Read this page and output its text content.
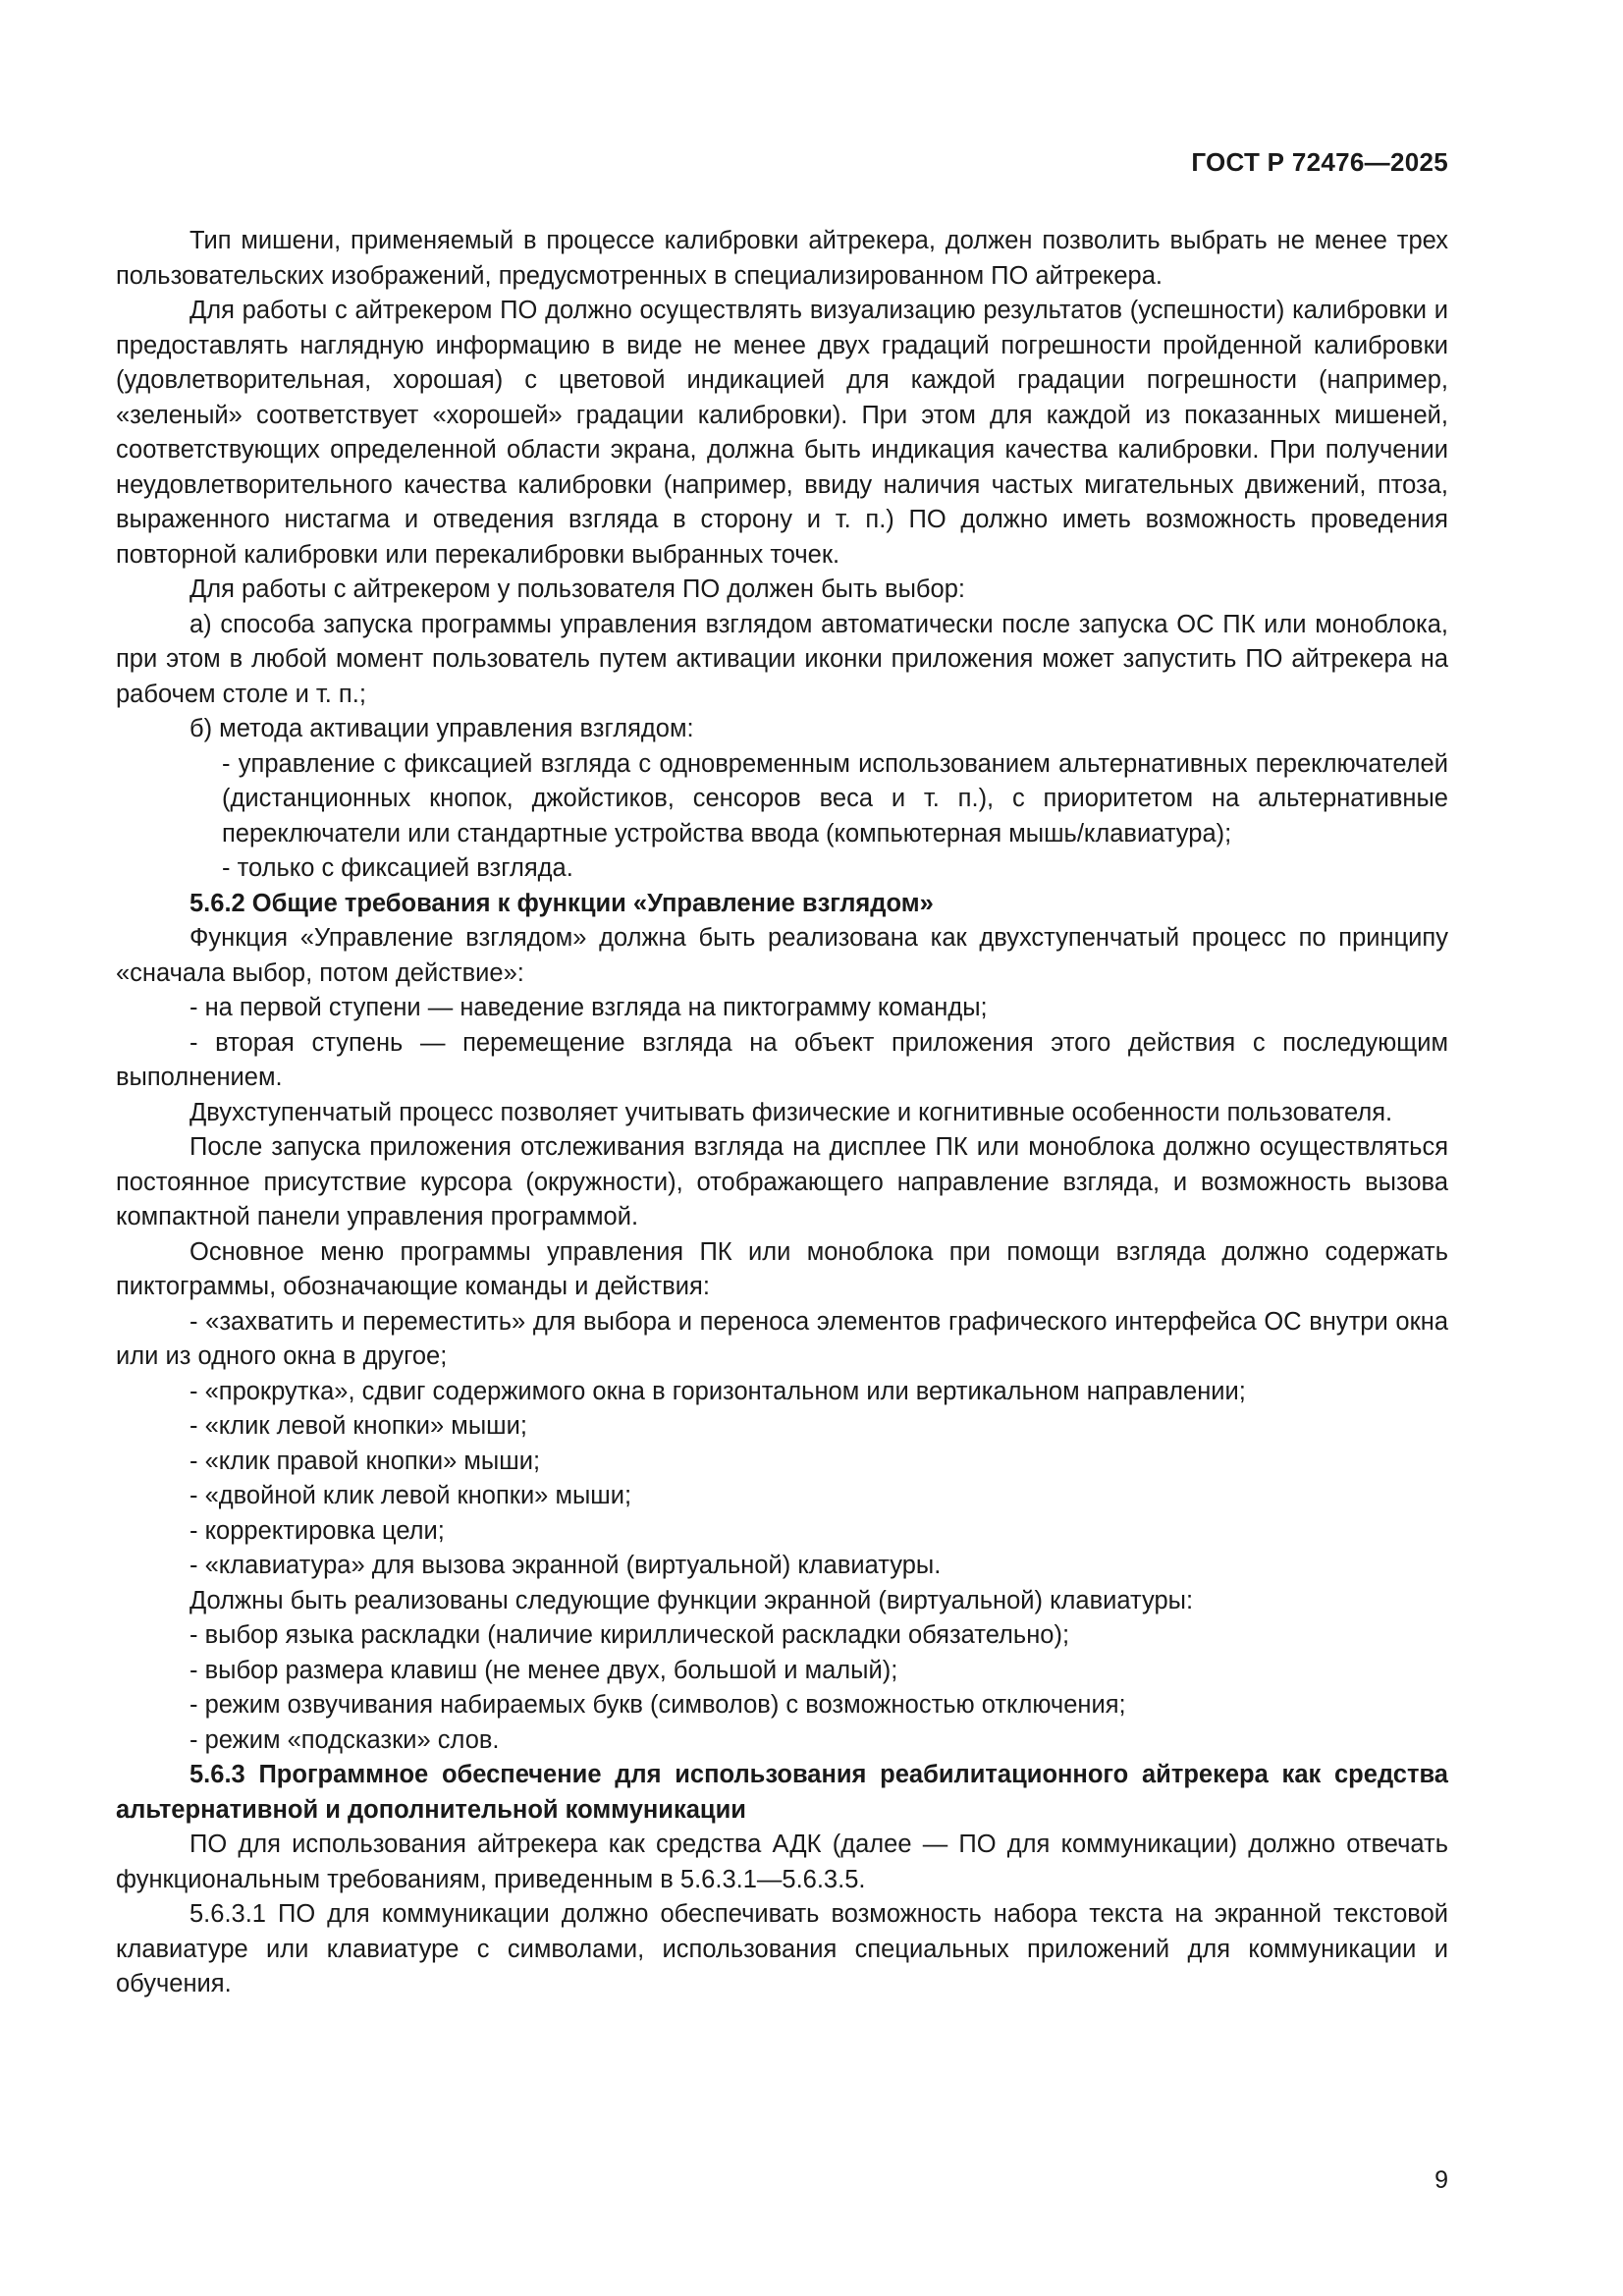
ГОСТ Р 72476—2025

Тип мишени, применяемый в процессе калибровки айтрекера, должен позволить выбрать не менее трех пользовательских изображений, предусмотренных в специализированном ПО айтрекера.

Для работы с айтрекером ПО должно осуществлять визуализацию результатов (успешности) калибровки и предоставлять наглядную информацию в виде не менее двух градаций погрешности пройденной калибровки (удовлетворительная, хорошая) с цветовой индикацией для каждой градации погрешности (например, «зеленый» соответствует «хорошей» градации калибровки). При этом для каждой из показанных мишеней, соответствующих определенной области экрана, должна быть индикация качества калибровки. При получении неудовлетворительного качества калибровки (например, ввиду наличия частых мигательных движений, птоза, выраженного нистагма и отведения взгляда в сторону и т. п.) ПО должно иметь возможность проведения повторной калибровки или перекалибровки выбранных точек.

Для работы с айтрекером у пользователя ПО должен быть выбор:

а) способа запуска программы управления взглядом автоматически после запуска ОС ПК или моноблока, при этом в любой момент пользователь путем активации иконки приложения может запустить ПО айтрекера на рабочем столе и т. п.;

б) метода активации управления взглядом:

- управление с фиксацией взгляда с одновременным использованием альтернативных переключателей (дистанционных кнопок, джойстиков, сенсоров веса и т. п.), с приоритетом на альтернативные переключатели или стандартные устройства ввода (компьютерная мышь/клавиатура);

- только с фиксацией взгляда.

5.6.2 Общие требования к функции «Управление взглядом»

Функция «Управление взглядом» должна быть реализована как двухступенчатый процесс по принципу «сначала выбор, потом действие»:

- на первой ступени — наведение взгляда на пиктограмму команды;

- вторая ступень — перемещение взгляда на объект приложения этого действия с последующим выполнением.

Двухступенчатый процесс позволяет учитывать физические и когнитивные особенности пользователя.

После запуска приложения отслеживания взгляда на дисплее ПК или моноблока должно осуществляться постоянное присутствие курсора (окружности), отображающего направление взгляда, и возможность вызова компактной панели управления программой.

Основное меню программы управления ПК или моноблока при помощи взгляда должно содержать пиктограммы, обозначающие команды и действия:

- «захватить и переместить» для выбора и переноса элементов графического интерфейса ОС внутри окна или из одного окна в другое;

- «прокрутка», сдвиг содержимого окна в горизонтальном или вертикальном направлении;

- «клик левой кнопки» мыши;

- «клик правой кнопки» мыши;

- «двойной клик левой кнопки» мыши;

- корректировка цели;

- «клавиатура» для вызова экранной (виртуальной) клавиатуры.

Должны быть реализованы следующие функции экранной (виртуальной) клавиатуры:

- выбор языка раскладки (наличие кириллической раскладки обязательно);

- выбор размера клавиш (не менее двух, большой и малый);

- режим озвучивания набираемых букв (символов) с возможностью отключения;

- режим «подсказки» слов.

5.6.3 Программное обеспечение для использования реабилитационного айтрекера как средства альтернативной и дополнительной коммуникации

ПО для использования айтрекера как средства АДК (далее — ПО для коммуникации) должно отвечать функциональным требованиям, приведенным в 5.6.3.1—5.6.3.5.

5.6.3.1 ПО для коммуникации должно обеспечивать возможность набора текста на экранной текстовой клавиатуре или клавиатуре с символами, использования специальных приложений для коммуникации и обучения.

9
